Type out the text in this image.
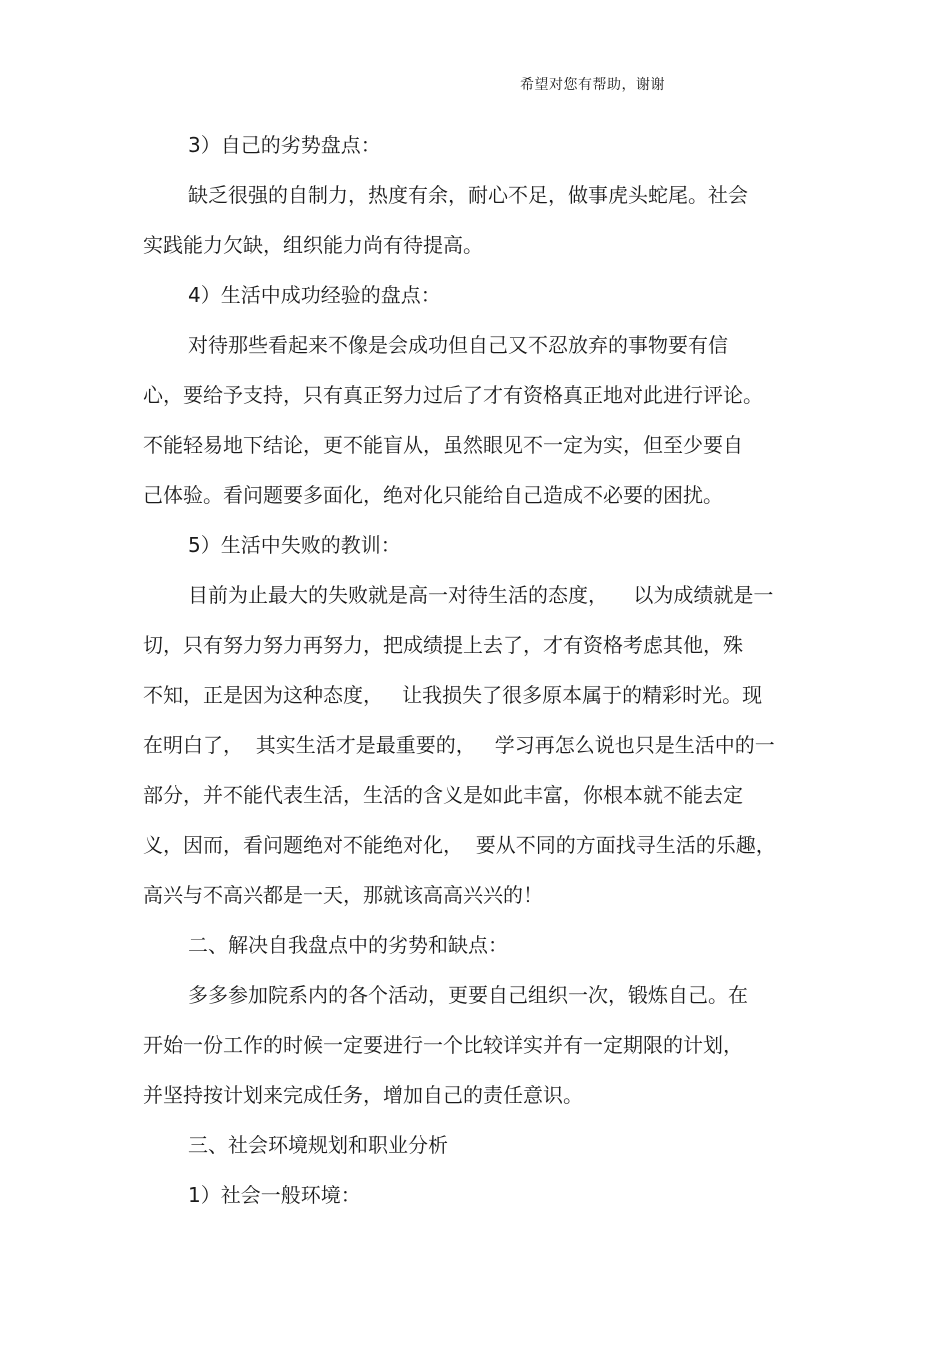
希望对您有帮助，谢谢
3）自己的劣势盘点：
缺乏很强的自制力，热度有余，耐心不足，做事虎头蛇尾。社会
实践能力欠缺，组织能力尚有待提高。
4）生活中成功经验的盘点：
对待那些看起来不像是会成功但自己又不忍放弃的事物要有信
心，要给予支持，只有真正努力过后了才有资格真正地对此进行评论。
不能轻易地下结论，更不能盲从，虽然眼见不一定为实，但至少要自
己体验。看问题要多面化，绝对化只能给自己造成不必要的困扰。
5）生活中失败的教训：
目前为止最大的失败就是高一对待生活的态度，    以为成绩就是一
切，只有努力努力再努力，把成绩提上去了，才有资格考虑其他，殊
不知，正是因为这种态度，   让我损失了很多原本属于的精彩时光。现
在明白了，  其实生活才是最重要的，   学习再怎么说也只是生活中的一
部分，并不能代表生活，生活的含义是如此丰富，你根本就不能去定
义，因而，看问题绝对不能绝对化，  要从不同的方面找寻生活的乐趣，
高兴与不高兴都是一天，那就该高高兴兴的！
二、解决自我盘点中的劣势和缺点：
多多参加院系内的各个活动，更要自己组织一次，锻炼自己。在
开始一份工作的时候一定要进行一个比较详实并有一定期限的计划，
并坚持按计划来完成任务，增加自己的责任意识。
三、社会环境规划和职业分析
1）社会一般环境：
